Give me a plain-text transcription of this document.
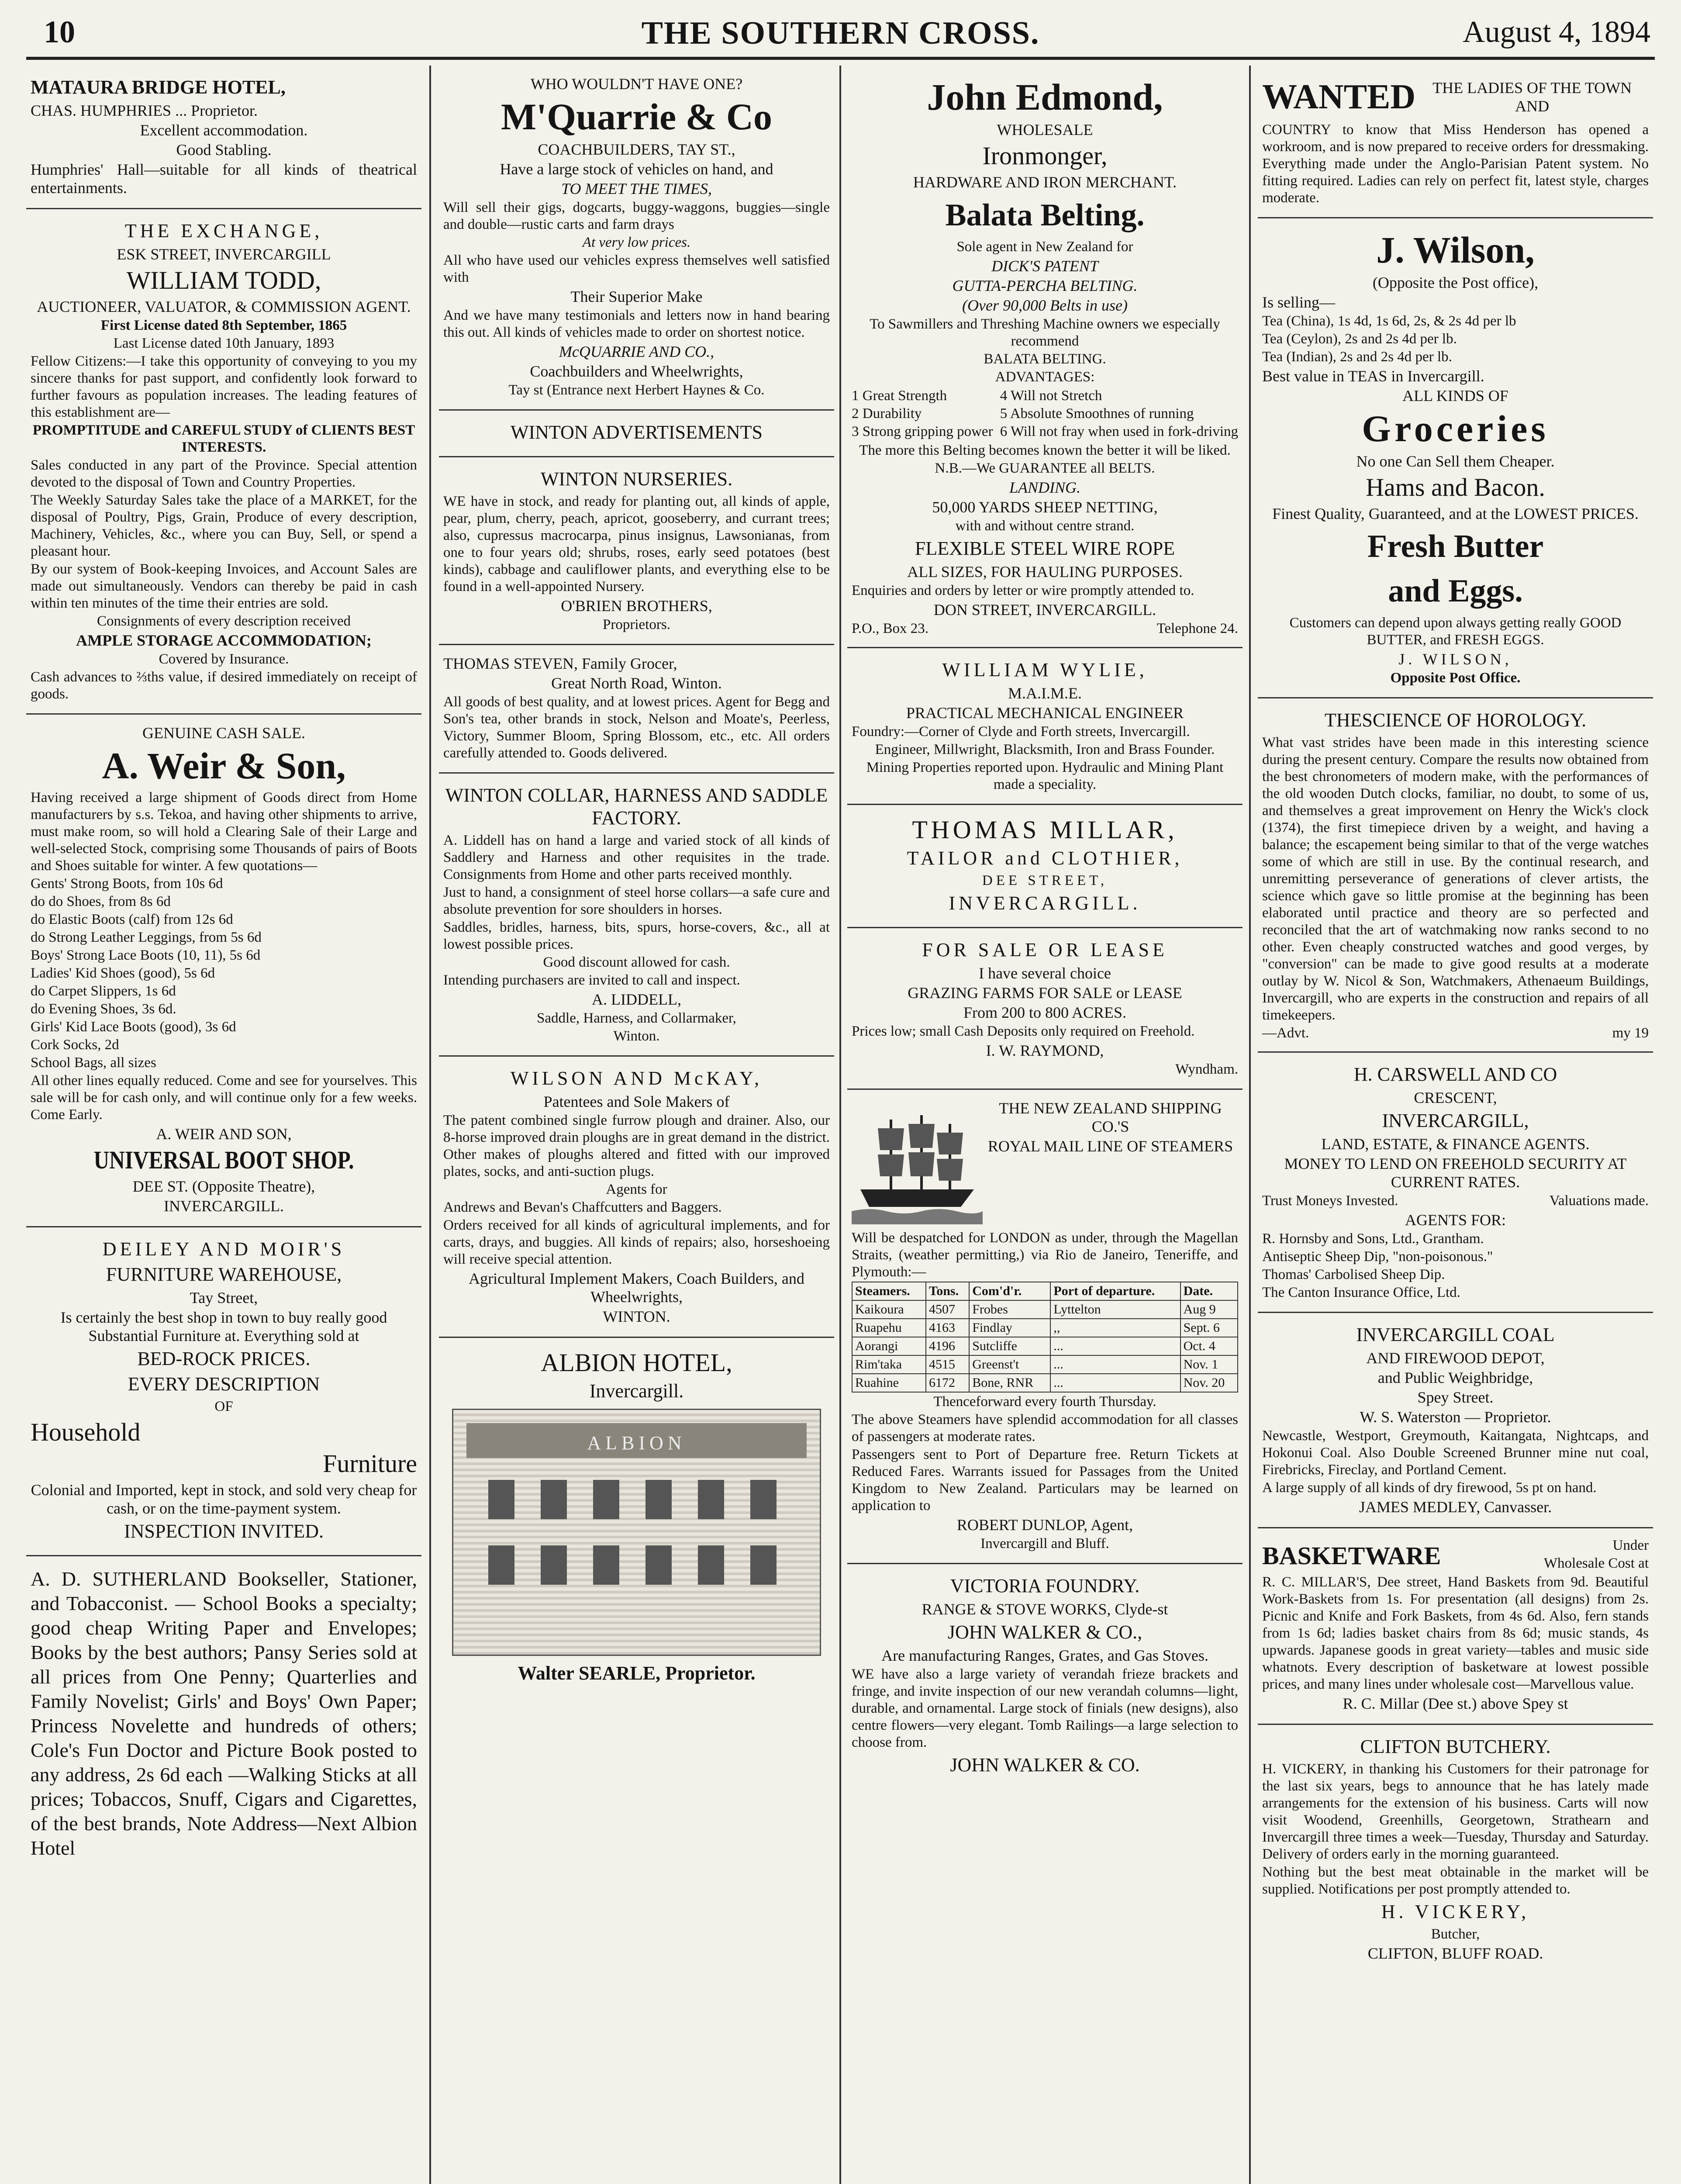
10	THE SOUTHERN CROSS.	August 4, 1894
MATAURA BRIDGE HOTEL,
CHAS. HUMPHRIES ... Proprietor.
Excellent accommodation.
Good Stabling.
Humphries' Hall—suitable for all kinds of theatrical entertainments.
THE EXCHANGE,
ESK STREET, INVERCARGILL
WILLIAM TODD,
AUCTIONEER, VALUATOR, & COMMISSION AGENT.
First License dated 8th September, 1865
Last License dated 10th January, 1893
Fellow Citizens:—I take this opportunity of conveying to you my sincere thanks for past support, and confidently look forward to further favours as population increases. The leading features of this establishment are—
PROMPTITUDE and CAREFUL STUDY of CLIENTS BEST INTERESTS.
Sales conducted in any part of the Province. Special attention devoted to the disposal of Town and Country Properties.
The Weekly Saturday Sales take the place of a MARKET, for the disposal of Poultry, Pigs, Grain, Produce of every description, Machinery, Vehicles, &c., where you can Buy, Sell, or spend a pleasant hour.
By our system of Book-keeping Invoices, and Account Sales are made out simultaneously. Vendors can thereby be paid in cash within ten minutes of the time their entries are sold.
Consignments of every description received
AMPLE STORAGE ACCOMMODATION;
Covered by Insurance.
Cash advances to ⅔ths value, if desired immediately on receipt of goods.
GENUINE CASH SALE.
A. Weir & Son,
Having received a large shipment of Goods direct from Home manufacturers by s.s. Tekoa, and having other shipments to arrive, must make room, so will hold a Clearing Sale of their Large and well-selected Stock, comprising some Thousands of pairs of Boots and Shoes suitable for winter. A few quotations—
Gents' Strong Boots, from 10s 6d
do do Shoes, from 8s 6d
do Elastic Boots (calf) from 12s 6d
do Strong Leather Leggings, from 5s 6d
Boys' Strong Lace Boots (10, 11), 5s 6d
Ladies' Kid Shoes (good), 5s 6d
do Carpet Slippers, 1s 6d
do Evening Shoes, 3s 6d.
Girls' Kid Lace Boots (good), 3s 6d
Cork Socks, 2d
School Bags, all sizes
All other lines equally reduced. Come and see for yourselves. This sale will be for cash only, and will continue only for a few weeks. Come Early.
A. WEIR AND SON,
UNIVERSAL BOOT SHOP.
DEE ST. (Opposite Theatre),
INVERCARGILL.
DEILEY AND MOIR'S
FURNITURE WAREHOUSE,
Tay Street,
Is certainly the best shop in town to buy really good Substantial Furniture at. Everything sold at
BED-ROCK PRICES.
EVERY DESCRIPTION
OF
Household
Furniture
Colonial and Imported, kept in stock, and sold very cheap for cash, or on the time-payment system.
INSPECTION INVITED.
A. D. SUTHERLAND Bookseller, Stationer, and Tobacconist. — School Books a specialty; good cheap Writing Paper and Envelopes; Books by the best authors; Pansy Series sold at all prices from One Penny; Quarterlies and Family Novelist; Girls' and Boys' Own Paper; Princess Novelette and hundreds of others; Cole's Fun Doctor and Picture Book posted to any address, 2s 6d each —Walking Sticks at all prices; Tobaccos, Snuff, Cigars and Cigarettes, of the best brands, Note Address—Next Albion Hotel
WHO WOULDN'T HAVE ONE?
M'Quarrie & Co
COACHBUILDERS, TAY ST.,
Have a large stock of vehicles on hand, and
TO MEET THE TIMES,
Will sell their gigs, dogcarts, buggy-waggons, buggies—single and double—rustic carts and farm drays
At very low prices.
All who have used our vehicles express themselves well satisfied with
Their Superior Make
And we have many testimonials and letters now in hand bearing this out. All kinds of vehicles made to order on shortest notice.
McQUARRIE AND CO.,
Coachbuilders and Wheelwrights,
Tay st (Entrance next Herbert Haynes & Co.
WINTON ADVERTISEMENTS
WINTON NURSERIES.
WE have in stock, and ready for planting out, all kinds of apple, pear, plum, cherry, peach, apricot, gooseberry, and currant trees; also, cupressus macrocarpa, pinus insignus, Lawsonianas, from one to four years old; shrubs, roses, early seed potatoes (best kinds), cabbage and cauliflower plants, and everything else to be found in a well-appointed Nursery.
O'BRIEN BROTHERS,
Proprietors.
THOMAS STEVEN, Family Grocer,
Great North Road, Winton.
All goods of best quality, and at lowest prices. Agent for Begg and Son's tea, other brands in stock, Nelson and Moate's, Peerless, Victory, Summer Bloom, Spring Blossom, etc., etc. All orders carefully attended to. Goods delivered.
WINTON COLLAR, HARNESS AND SADDLE FACTORY.
A. Liddell has on hand a large and varied stock of all kinds of Saddlery and Harness and other requisites in the trade. Consignments from Home and other parts received monthly.
Just to hand, a consignment of steel horse collars—a safe cure and absolute prevention for sore shoulders in horses.
Saddles, bridles, harness, bits, spurs, horse-covers, &c., all at lowest possible prices.
Good discount allowed for cash.
Intending purchasers are invited to call and inspect.
A. LIDDELL,
Saddle, Harness, and Collarmaker,
Winton.
WILSON AND McKAY,
Patentees and Sole Makers of
The patent combined single furrow plough and drainer. Also, our 8-horse improved drain ploughs are in great demand in the district. Other makes of ploughs altered and fitted with our improved plates, socks, and anti-suction plugs.
Agents for
Andrews and Bevan's Chaffcutters and Baggers.
Orders received for all kinds of agricultural implements, and for carts, drays, and buggies. All kinds of repairs; also, horseshoeing will receive special attention.
Agricultural Implement Makers, Coach Builders, and Wheelwrights,
WINTON.
ALBION HOTEL,
Invercargill.
ALBION
Walter SEARLE, Proprietor.
John Edmond,
WHOLESALE
Ironmonger,
HARDWARE AND IRON MERCHANT.
Balata Belting.
Sole agent in New Zealand for
DICK'S PATENT
GUTTA-PERCHA BELTING.
(Over 90,000 Belts in use)
To Sawmillers and Threshing Machine owners we especially recommend
BALATA BELTING.
ADVANTAGES:
1 Great Strength
2 Durability
3 Strong gripping power
4 Will not Stretch
5 Absolute Smoothnes of running
6 Will not fray when used in fork-driving
The more this Belting becomes known the better it will be liked.
N.B.—We GUARANTEE all BELTS.
LANDING.
50,000 YARDS SHEEP NETTING,
with and without centre strand.
FLEXIBLE STEEL WIRE ROPE
ALL SIZES, FOR HAULING PURPOSES.
Enquiries and orders by letter or wire promptly attended to.
DON STREET, INVERCARGILL.
P.O., Box 23.	Telephone 24.
WILLIAM WYLIE,
M.A.I.M.E.
PRACTICAL MECHANICAL ENGINEER
Foundry:—Corner of Clyde and Forth streets, Invercargill.
Engineer, Millwright, Blacksmith, Iron and Brass Founder.
Mining Properties reported upon. Hydraulic and Mining Plant made a speciality.
THOMAS MILLAR,
TAILOR and CLOTHIER,
DEE STREET,
INVERCARGILL.
FOR SALE OR LEASE
I have several choice
GRAZING FARMS FOR SALE or LEASE
From 200 to 800 ACRES.
Prices low; small Cash Deposits only required on Freehold.
I. W. RAYMOND,
Wyndham.
THE NEW ZEALAND SHIPPING CO.'S
ROYAL MAIL LINE OF STEAMERS
Will be despatched for LONDON as under, through the Magellan Straits, (weather permitting,) via Rio de Janeiro, Teneriffe, and Plymouth:—
Steamers.	Tons.	Com'd'r.	Port of departure.	Date.
Kaikoura	4507	Frobes	Lyttelton	Aug 9
Ruapehu	4163	Findlay	,,	Sept. 6
Aorangi	4196	Sutcliffe	...	Oct. 4
Rim'taka	4515	Greenst't	...	Nov. 1
Ruahine	6172	Bone, RNR	...	Nov. 20
Thenceforward every fourth Thursday.
The above Steamers have splendid accommodation for all classes of passengers at moderate rates.
Passengers sent to Port of Departure free. Return Tickets at Reduced Fares. Warrants issued for Passages from the United Kingdom to New Zealand. Particulars may be learned on application to
ROBERT DUNLOP, Agent,
Invercargill and Bluff.
VICTORIA FOUNDRY.
RANGE & STOVE WORKS, Clyde-st
JOHN WALKER & CO.,
Are manufacturing Ranges, Grates, and Gas Stoves.
WE have also a large variety of verandah frieze brackets and fringe, and invite inspection of our new verandah columns—light, durable, and ornamental. Large stock of finials (new designs), also centre flowers—very elegant. Tomb Railings—a large selection to choose from.
JOHN WALKER & CO.
WANTED	THE LADIES OF THE TOWN AND
COUNTRY to know that Miss Henderson has opened a workroom, and is now prepared to receive orders for dressmaking. Everything made under the Anglo-Parisian Patent system. No fitting required. Ladies can rely on perfect fit, latest style, charges moderate.
J. Wilson,
(Opposite the Post office),
Is selling—
Tea (China), 1s 4d, 1s 6d, 2s, & 2s 4d per lb
Tea (Ceylon), 2s and 2s 4d per lb.
Tea (Indian), 2s and 2s 4d per lb.
Best value in TEAS in Invercargill.
ALL KINDS OF
Groceries
No one Can Sell them Cheaper.
Hams and Bacon.
Finest Quality, Guaranteed, and at the LOWEST PRICES.
Fresh Butter
and Eggs.
Customers can depend upon always getting really GOOD BUTTER, and FRESH EGGS.
J. WILSON,
Opposite Post Office.
THESCIENCE OF HOROLOGY.
What vast strides have been made in this interesting science during the present century. Compare the results now obtained from the best chronometers of modern make, with the performances of the old wooden Dutch clocks, familiar, no doubt, to some of us, and themselves a great improvement on Henry the Wick's clock (1374), the first timepiece driven by a weight, and having a balance; the escapement being similar to that of the verge watches some of which are still in use. By the continual research, and unremitting perseverance of generations of clever artists, the science which gave so little promise at the beginning has been elaborated until practice and theory are so perfected and reconciled that the art of watchmaking now ranks second to no other. Even cheaply constructed watches and good verges, by "conversion" can be made to give good results at a moderate outlay by W. Nicol & Son, Watchmakers, Athenaeum Buildings, Invercargill, who are experts in the construction and repairs of all timekeepers.
—Advt.	my 19
H. CARSWELL AND CO
CRESCENT,
INVERCARGILL,
LAND, ESTATE, & FINANCE AGENTS.
MONEY TO LEND ON FREEHOLD SECURITY AT CURRENT RATES.
Trust Moneys Invested.	Valuations made.
AGENTS FOR:
R. Hornsby and Sons, Ltd., Grantham.
Antiseptic Sheep Dip, "non-poisonous."
Thomas' Carbolised Sheep Dip.
The Canton Insurance Office, Ltd.
INVERCARGILL COAL
AND FIREWOOD DEPOT,
and Public Weighbridge,
Spey Street.
W. S. Waterston — Proprietor.
Newcastle, Westport, Greymouth, Kaitangata, Nightcaps, and Hokonui Coal. Also Double Screened Brunner mine nut coal, Firebricks, Fireclay, and Portland Cement.
A large supply of all kinds of dry firewood, 5s pt on hand.
JAMES MEDLEY, Canvasser.
BASKETWARE	Under
Wholesale Cost at
R. C. MILLAR'S, Dee street, Hand Baskets from 9d. Beautiful Work-Baskets from 1s. For presentation (all designs) from 2s. Picnic and Knife and Fork Baskets, from 4s 6d. Also, fern stands from 1s 6d; ladies basket chairs from 8s 6d; music stands, 4s upwards. Japanese goods in great variety—tables and music side whatnots. Every description of basketware at lowest possible prices, and many lines under wholesale cost—Marvellous value.
R. C. Millar (Dee st.) above Spey st
CLIFTON BUTCHERY.
H. VICKERY, in thanking his Customers for their patronage for the last six years, begs to announce that he has lately made arrangements for the extension of his business. Carts will now visit Woodend, Greenhills, Georgetown, Strathearn and Invercargill three times a week—Tuesday, Thursday and Saturday. Delivery of orders early in the morning guaranteed.
Nothing but the best meat obtainable in the market will be supplied. Notifications per post promptly attended to.
H. VICKERY,
Butcher,
CLIFTON, BLUFF ROAD.
